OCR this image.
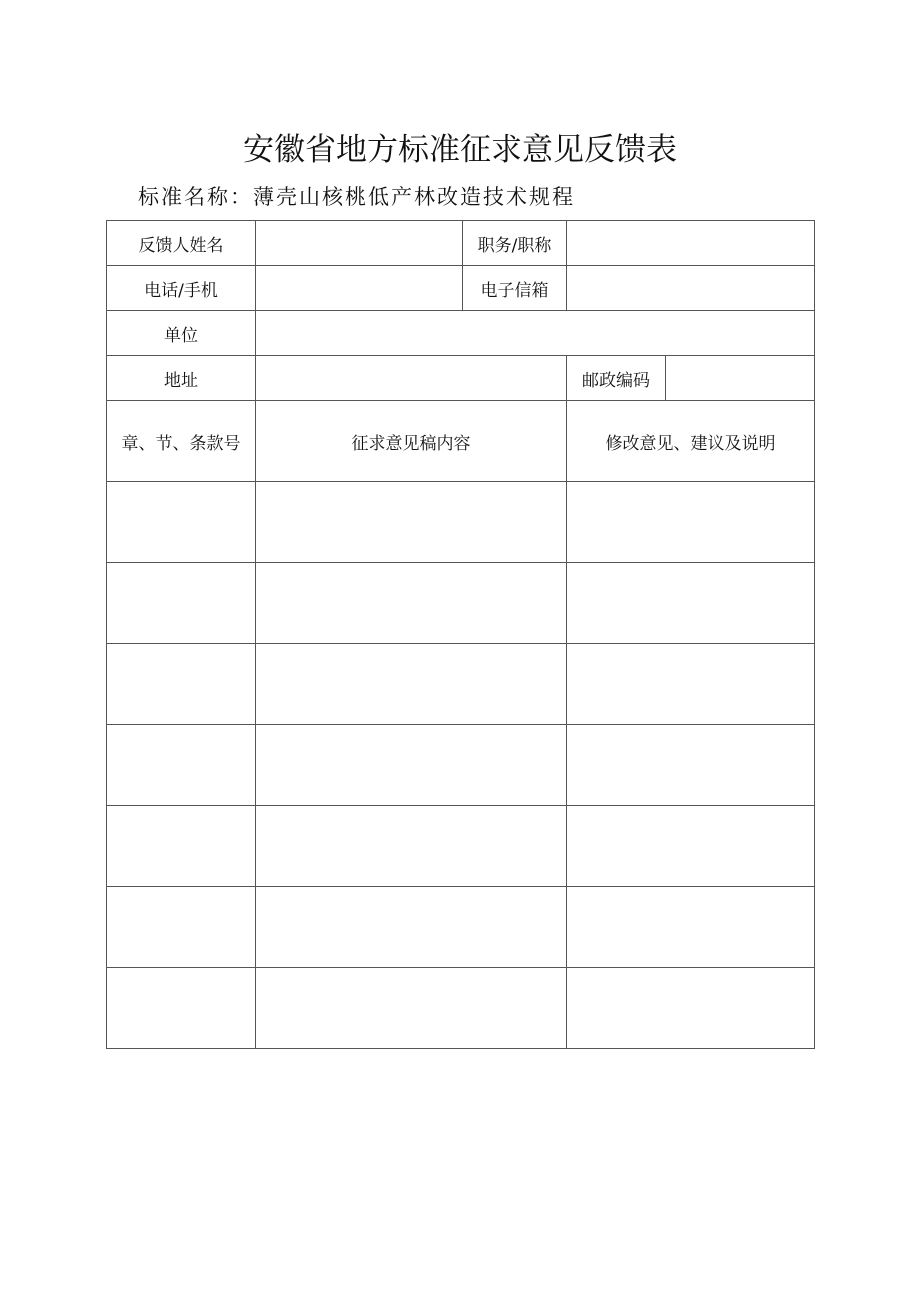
安徽省地方标准征求意见反馈表
标准名称：薄壳山核桃低产林改造技术规程
反馈人姓名		职务/职称		
电话/手机		电子信箱		
单位				
地址			邮政编码	
章、节、条款号	征求意见稿内容		修改意见、建议及说明	
